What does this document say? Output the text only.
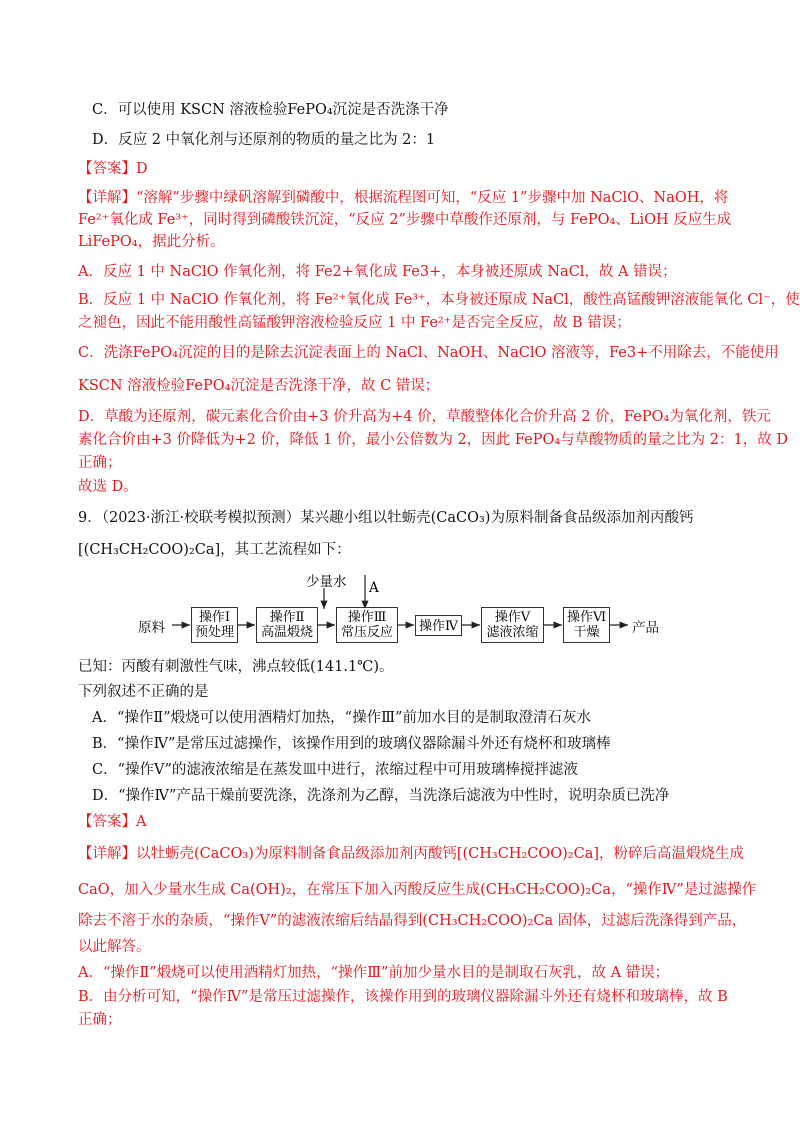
C．可以使用 KSCN 溶液检验FePO₄沉淀是否洗涤干净
D．反应 2 中氧化剂与还原剂的物质的量之比为 2：1
【答案】D
【详解】“溶解”步骤中绿矾溶解到磷酸中，根据流程图可知，“反应 1”步骤中加 NaClO、NaOH，将
Fe²⁺氧化成 Fe³⁺，同时得到磷酸铁沉淀，“反应 2”步骤中草酸作还原剂，与 FePO₄、LiOH 反应生成
LiFePO₄，据此分析。
A．反应 1 中 NaClO 作氧化剂，将 Fe2+氧化成 Fe3+，本身被还原成 NaCl，故 A 错误；
B．反应 1 中 NaClO 作氧化剂，将 Fe²⁺氧化成 Fe³⁺，本身被还原成 NaCl，酸性高锰酸钾溶液能氧化 Cl⁻，使
之褪色，因此不能用酸性高锰酸钾溶液检验反应 1 中 Fe²⁺是否完全反应，故 B 错误；
C．洗涤FePO₄沉淀的目的是除去沉淀表面上的 NaCl、NaOH、NaClO 溶液等，Fe3+不用除去，不能使用
KSCN 溶液检验FePO₄沉淀是否洗涤干净，故 C 错误；
D．草酸为还原剂，碳元素化合价由+3 价升高为+4 价，草酸整体化合价升高 2 价，FePO₄为氧化剂，铁元
素化合价由+3 价降低为+2 价，降低 1 价，最小公倍数为 2，因此 FePO₄与草酸物质的量之比为 2：1，故 D
正确；
故选 D。
9．（2023·浙江·校联考模拟预测）某兴趣小组以牡蛎壳(CaCO₃)为原料制备食品级添加剂丙酸钙
[(CH₃CH₂COO)₂Ca]，其工艺流程如下：
原料
少量水 A
产品
操作Ⅰ
预处理
操作Ⅱ
高温煅烧
操作Ⅲ
常压反应	操作Ⅳ
操作Ⅴ
滤液浓缩
操作Ⅵ
干燥
已知：丙酸有刺激性气味，沸点较低(141.1℃)。
下列叙述不正确的是
A．“操作Ⅱ”煅烧可以使用酒精灯加热，“操作Ⅲ”前加水目的是制取澄清石灰水
B．“操作Ⅳ”是常压过滤操作，该操作用到的玻璃仪器除漏斗外还有烧杯和玻璃棒
C．“操作Ⅴ”的滤液浓缩是在蒸发皿中进行，浓缩过程中可用玻璃棒搅拌滤液
D．“操作Ⅳ”产品干燥前要洗涤，洗涤剂为乙醇，当洗涤后滤液为中性时，说明杂质已洗净
【答案】A
【详解】以牡蛎壳(CaCO₃)为原料制备食品级添加剂丙酸钙[(CH₃CH₂COO)₂Ca]，粉碎后高温煅烧生成
CaO，加入少量水生成 Ca(OH)₂，在常压下加入丙酸反应生成(CH₃CH₂COO)₂Ca，“操作Ⅳ”是过滤操作
除去不溶于水的杂质，“操作Ⅴ”的滤液浓缩后结晶得到(CH₃CH₂COO)₂Ca 固体，过滤后洗涤得到产品，
以此解答。
A．“操作Ⅱ”煅烧可以使用酒精灯加热，“操作Ⅲ”前加少量水目的是制取石灰乳，故 A 错误；
B．由分析可知，“操作Ⅳ”是常压过滤操作，该操作用到的玻璃仪器除漏斗外还有烧杯和玻璃棒，故 B
正确；
